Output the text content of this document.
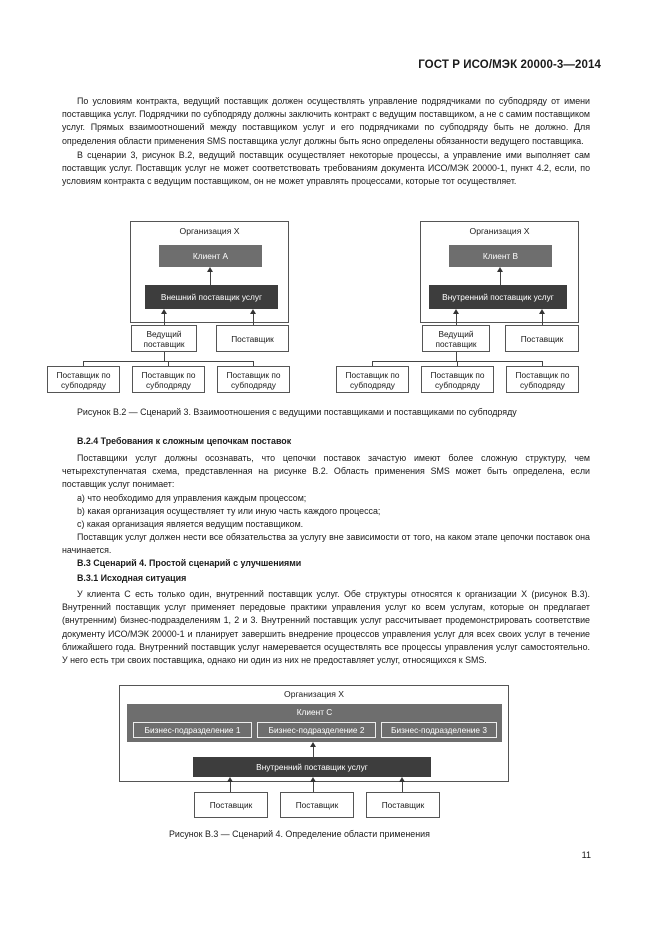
ГОСТ Р ИСО/МЭК 20000-3—2014

По условиям контракта, ведущий поставщик должен осуществлять управление подрядчиками по субподряду от имени поставщика услуг. Подрядчики по субподряду должны заключить контракт с ведущим поставщиком, а не с самим поставщиком услуг. Прямых взаимоотношений между поставщиком услуг и его подрядчиками по субподряду быть не должно. Для определения области применения SMS поставщика услуг должны быть ясно определены обязанности ведущего поставщика.

В сценарии 3, рисунок В.2, ведущий поставщик осуществляет некоторые процессы, а управление ими выполняет сам поставщик услуг. Поставщик услуг не может соответствовать требованиям документа ИСО/МЭК 20000-1, пункт 4.2, если, по условиям контракта с ведущим поставщиком, он не может управлять процессами, которые тот осуществляет.

Организация X
Клиент А
Внешний поставщик услуг
Ведущий поставщик	Поставщик
Поставщик по субподряду
Поставщик по субподряду
Поставщик по субподряду
Организация X
Клиент В
Внутренний поставщик услуг
Ведущий поставщик	Поставщик
Поставщик по субподряду
Поставщик по субподряду
Поставщик по субподряду
Рисунок В.2 — Сценарий 3. Взаимоотношения с ведущими поставщиками и поставщиками по субподряду
В.2.4 Требования к сложным цепочкам поставок

Поставщики услуг должны осознавать, что цепочки поставок зачастую имеют более сложную структуру, чем четырехступенчатая схема, представленная на рисунке В.2. Область применения SMS может быть определена, если поставщик услуг понимает:

a) что необходимо для управления каждым процессом;

b) какая организация осуществляет ту или иную часть каждого процесса;

c) какая организация является ведущим поставщиком.

Поставщик услуг должен нести все обязательства за услугу вне зависимости от того, на каком этапе цепочки поставок она начинается.

В.3 Сценарий 4. Простой сценарий с улучшениями
В.3.1 Исходная ситуация

У клиента С есть только один, внутренний поставщик услуг. Обе структуры относятся к организации X (рисунок В.3). Внутренний поставщик услуг применяет передовые практики управления услуг ко всем услугам, которые он предлагает (внутренним) бизнес-подразделениям 1, 2 и 3. Внутренний поставщик услуг рассчитывает продемонстрировать соответствие документу ИСО/МЭК 20000-1 и планирует завершить внедрение процессов управления услуг для всех своих услуг в течение ближайшего года. Внутренний поставщик услуг намеревается осуществлять все процессы управления услуг самостоятельно. У него есть три своих поставщика, однако ни один из них не предоставляет услуг, относящихся к SMS.

Организация X
Клиент С
Бизнес-подразделение 1	Бизнес-подразделение 2	Бизнес-подразделение 3
Внутренний поставщик услуг
Поставщик	Поставщик	Поставщик
Рисунок В.3 — Сценарий 4. Определение области применения
11
